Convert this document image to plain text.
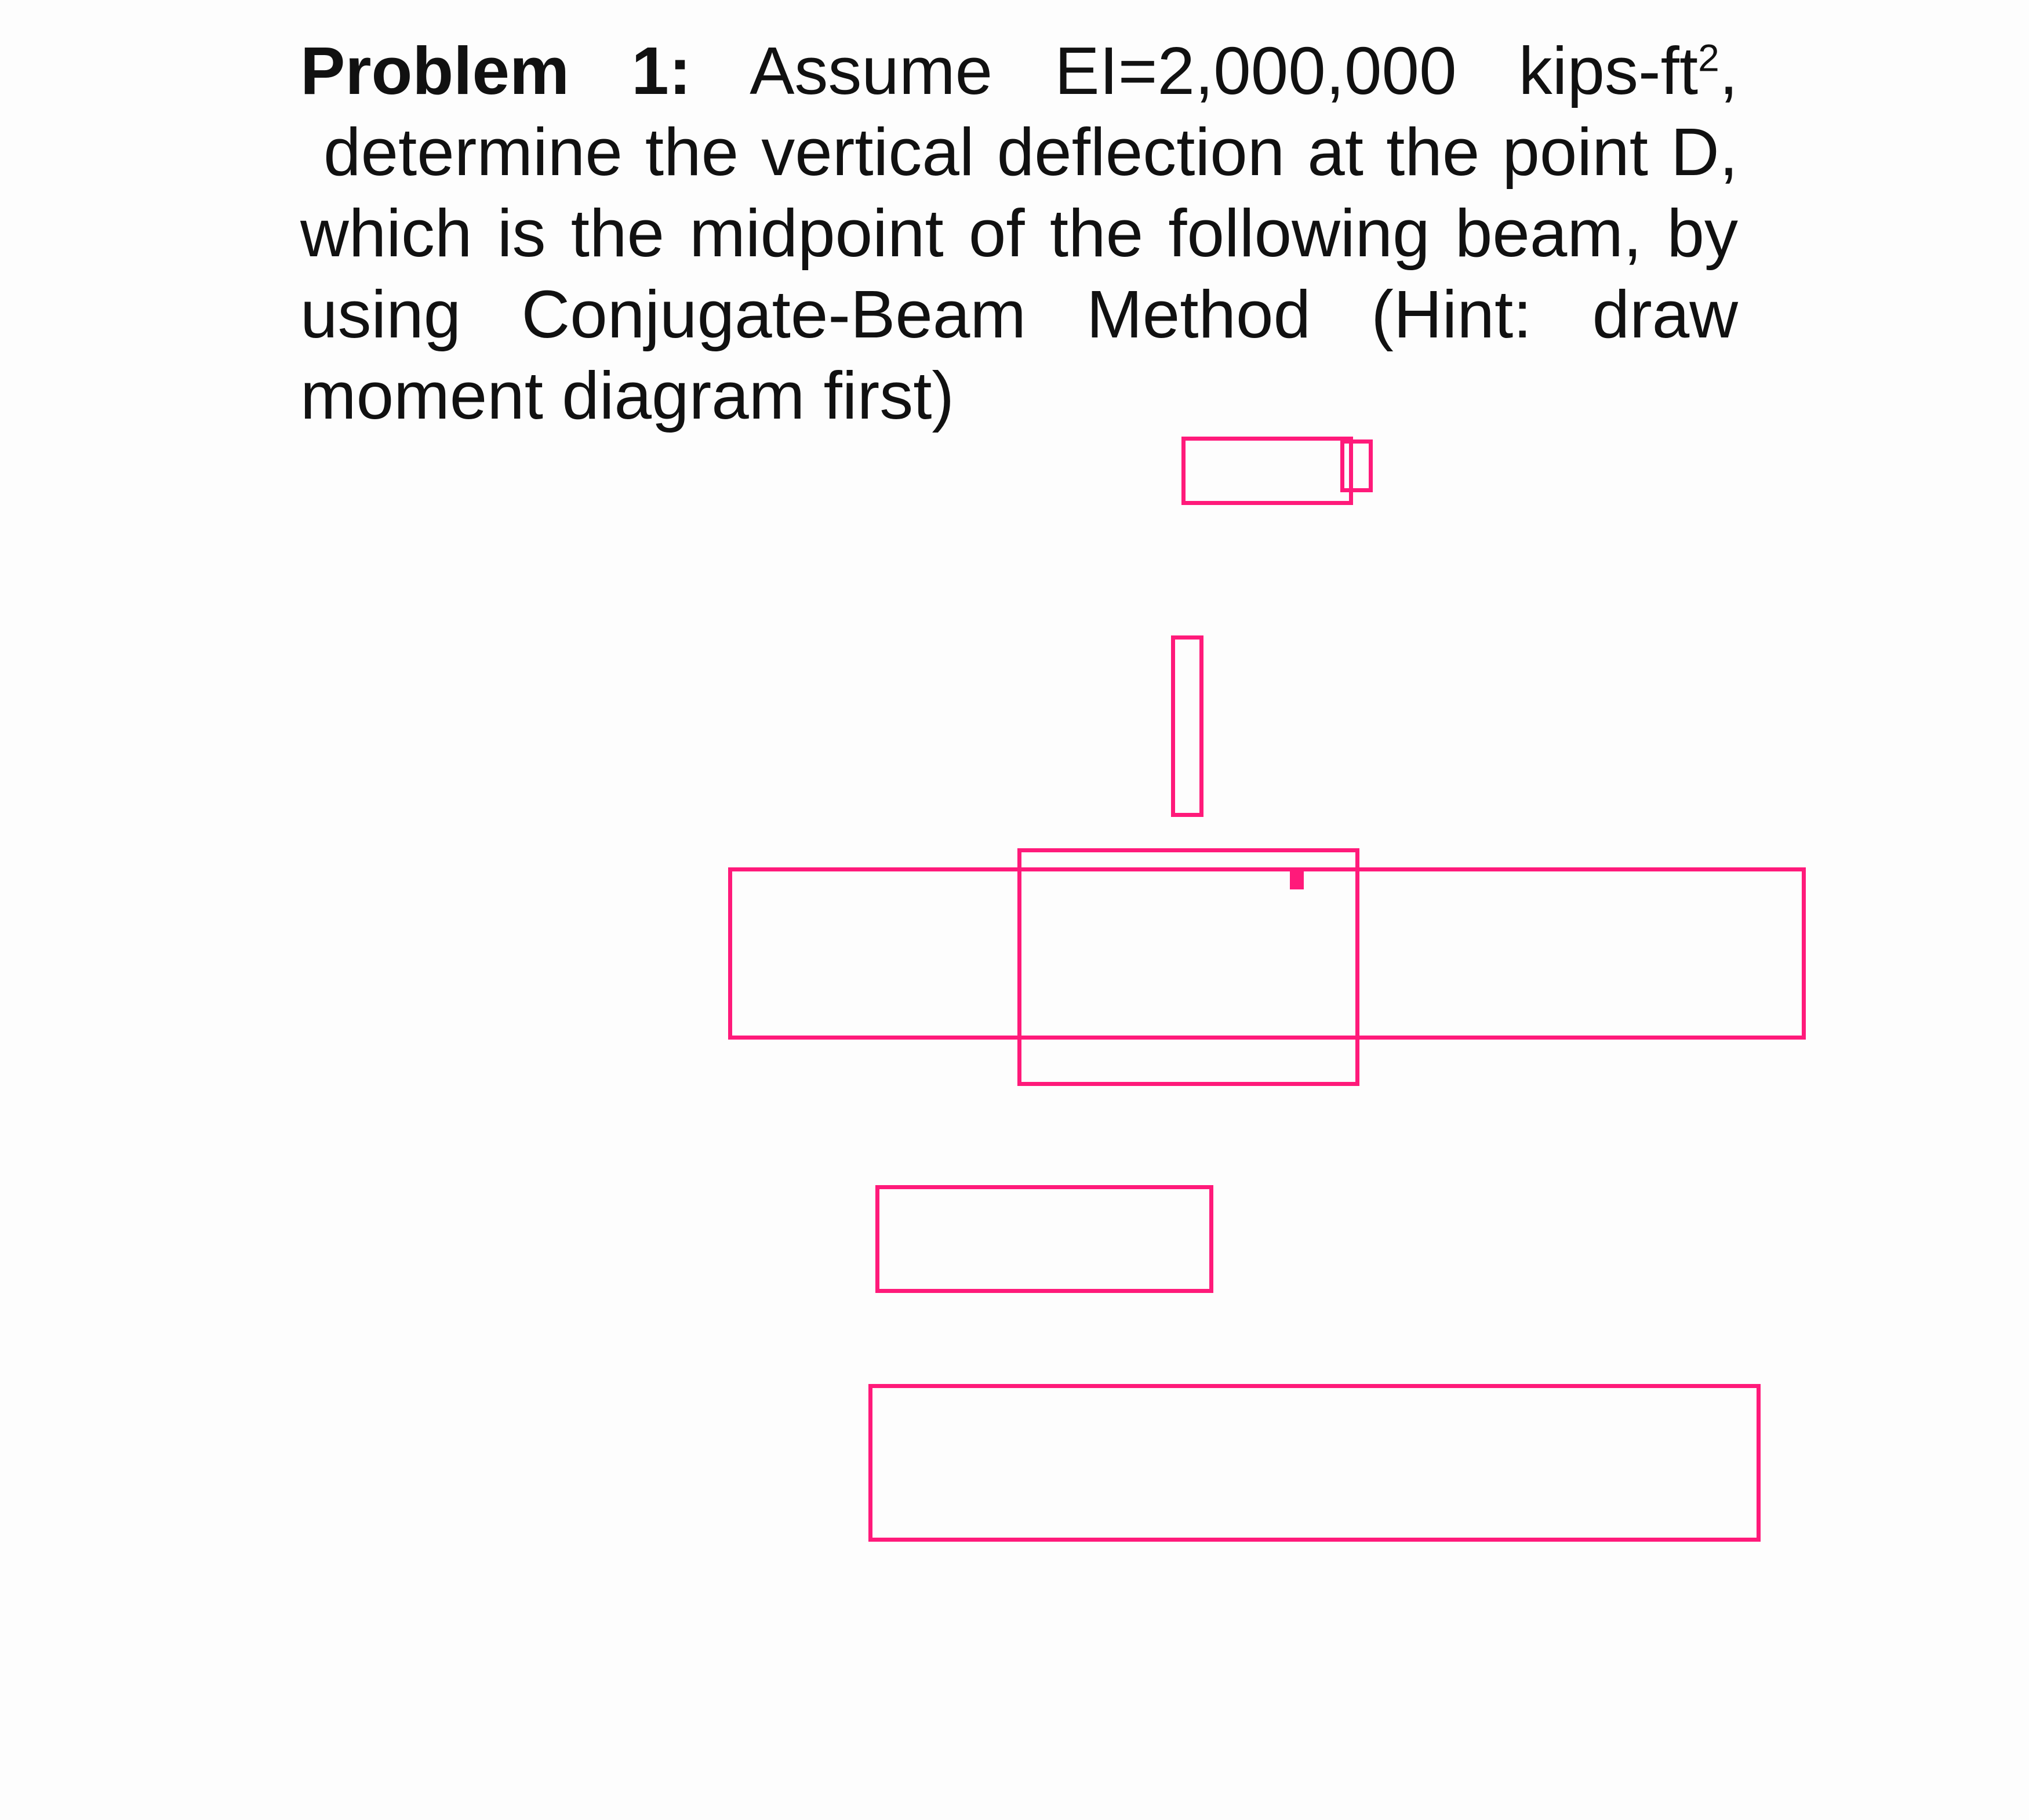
Problem 1: Assume EI=2,000,000 kips-$ft^2$,
determine the vertical deflection at the point D,
which is the midpoint of the following beam, by
using Conjugate-Beam Method (Hint: draw
moment diagram first)
